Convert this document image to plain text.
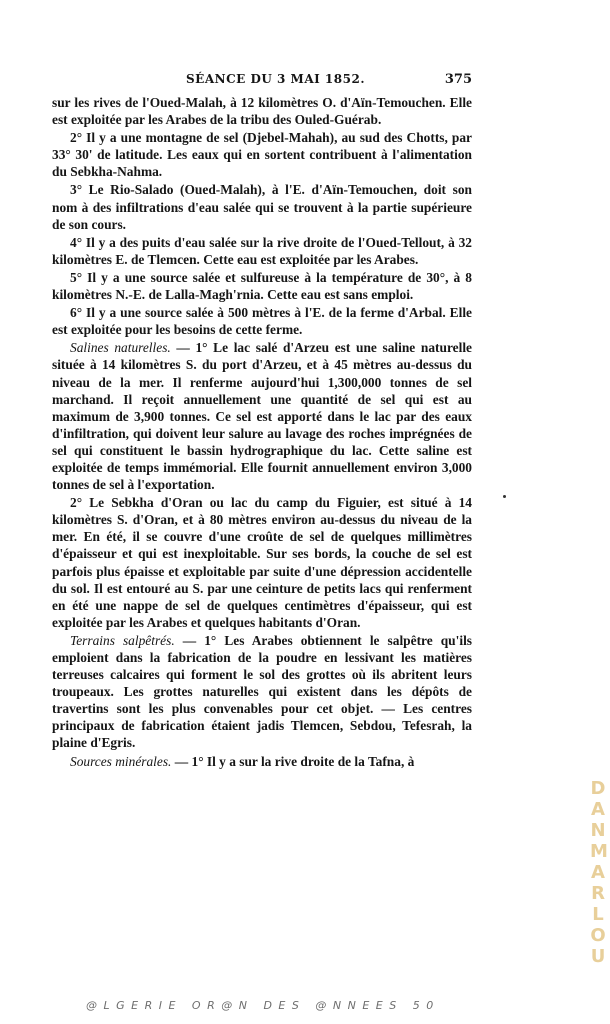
SÉANCE DU 3 MAI 1852.	375

sur les rives de l'Oued-Malah, à 12 kilomètres O. d'Aïn-Temouchen. Elle est exploitée par les Arabes de la tribu des Ouled-Guérab.

2° Il y a une montagne de sel (Djebel-Mahah), au sud des Chotts, par 33° 30' de latitude. Les eaux qui en sortent contribuent à l'alimentation du Sebkha-Nahma.

3° Le Rio-Salado (Oued-Malah), à l'E. d'Aïn-Temouchen, doit son nom à des infiltrations d'eau salée qui se trouvent à la partie supérieure de son cours.

4° Il y a des puits d'eau salée sur la rive droite de l'Oued-Tellout, à 32 kilomètres E. de Tlemcen. Cette eau est exploitée par les Arabes.

5° Il y a une source salée et sulfureuse à la température de 30°, à 8 kilomètres N.-E. de Lalla-Magh'rnia. Cette eau est sans emploi.

6° Il y a une source salée à 500 mètres à l'E. de la ferme d'Arbal. Elle est exploitée pour les besoins de cette ferme.

Salines naturelles. — 1° Le lac salé d'Arzeu est une saline naturelle située à 14 kilomètres S. du port d'Arzeu, et à 45 mètres au-dessus du niveau de la mer. Il renferme aujourd'hui 1,300,000 tonnes de sel marchand. Il reçoit annuellement une quantité de sel qui est au maximum de 3,900 tonnes. Ce sel est apporté dans le lac par des eaux d'infiltration, qui doivent leur salure au lavage des roches imprégnées de sel qui constituent le bassin hydrographique du lac. Cette saline est exploitée de temps immémorial. Elle fournit annuellement environ 3,000 tonnes de sel à l'exportation.

2° Le Sebkha d'Oran ou lac du camp du Figuier, est situé à 14 kilomètres S. d'Oran, et à 80 mètres environ au-dessus du niveau de la mer. En été, il se couvre d'une croûte de sel de quelques millimètres d'épaisseur et qui est inexploitable. Sur ses bords, la couche de sel est parfois plus épaisse et exploitable par suite d'une dépression accidentelle du sol. Il est entouré au S. par une ceinture de petits lacs qui renferment en été une nappe de sel de quelques centimètres d'épaisseur, qui est exploitée par les Arabes et quelques habitants d'Oran.

Terrains salpêtrés. — 1° Les Arabes obtiennent le salpêtre qu'ils emploient dans la fabrication de la poudre en lessivant les matières terreuses calcaires qui forment le sol des grottes où ils abritent leurs troupeaux. Les grottes naturelles qui existent dans les dépôts de travertins sont les plus convenables pour cet objet. — Les centres principaux de fabrication étaient jadis Tlemcen, Sebdou, Tefesrah, la plaine d'Egris.

Sources minérales. — 1° Il y a sur la rive droite de la Tafna, à

DANMARLOU
@LGERIE OR@N DES @NNEES 50
